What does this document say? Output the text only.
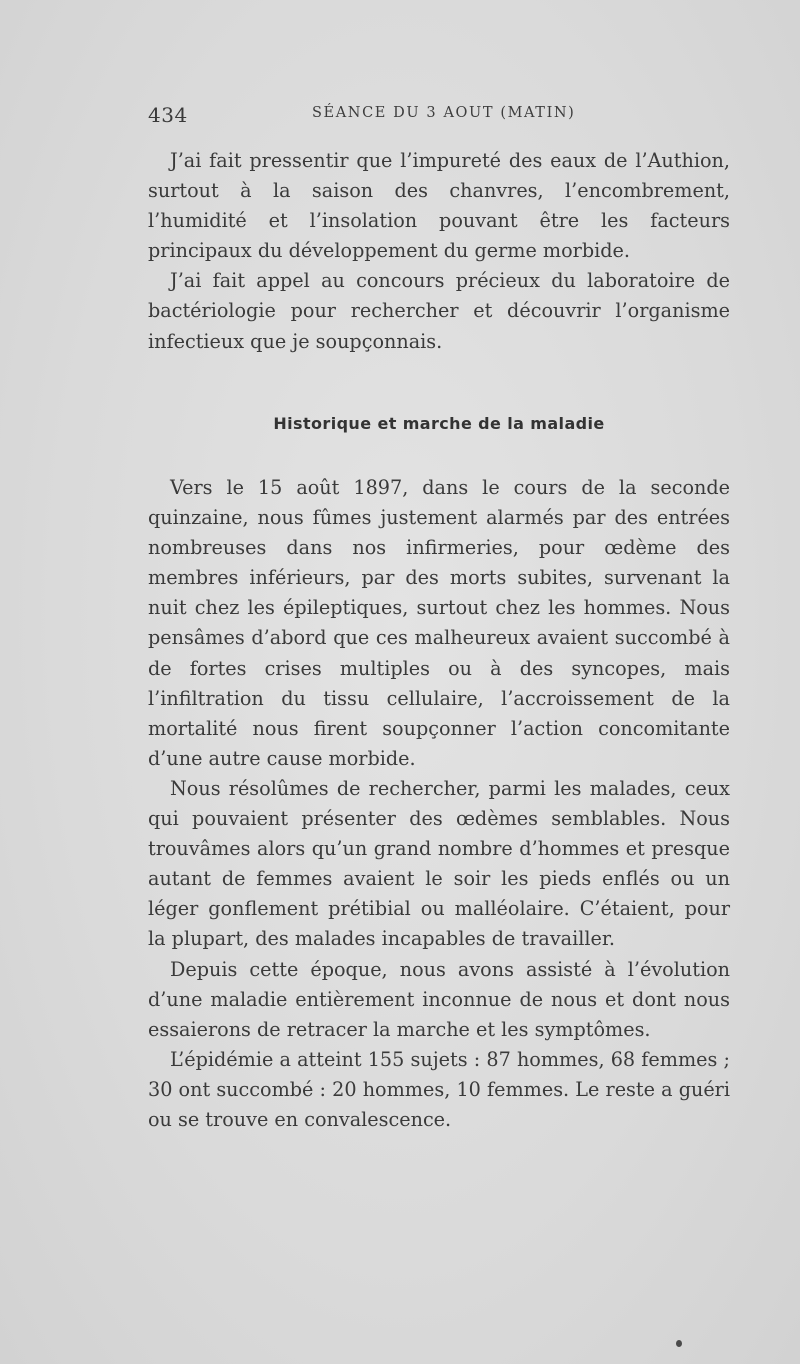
434	SÉANCE DU 3 AOUT (MATIN)

J’ai fait pressentir que l’impureté des eaux de l’Authion, surtout à la saison des chanvres, l’encombrement, l’humidité et l’insolation pouvant être les facteurs principaux du développement du germe morbide.

J’ai fait appel au concours précieux du laboratoire de bactériologie pour rechercher et découvrir l’organisme infectieux que je soupçonnais.

Historique et marche de la maladie

Vers le 15 août 1897, dans le cours de la seconde quinzaine, nous fûmes justement alarmés par des entrées nombreuses dans nos infirmeries, pour œdème des membres inférieurs, par des morts subites, survenant la nuit chez les épileptiques, surtout chez les hommes. Nous pensâmes d’abord que ces malheureux avaient succombé à de fortes crises multiples ou à des syncopes, mais l’infiltration du tissu cellulaire, l’accroissement de la mortalité nous firent soupçonner l’action concomitante d’une autre cause morbide.

Nous résolûmes de rechercher, parmi les malades, ceux qui pouvaient présenter des œdèmes semblables. Nous trouvâmes alors qu’un grand nombre d’hommes et presque autant de femmes avaient le soir les pieds enflés ou un léger gonflement prétibial ou malléolaire. C’étaient, pour la plupart, des malades incapables de travailler.

Depuis cette époque, nous avons assisté à l’évolution d’une maladie entièrement inconnue de nous et dont nous essaierons de retracer la marche et les symptômes.

L’épidémie a atteint 155 sujets : 87 hommes, 68 femmes ; 30 ont succombé : 20 hommes, 10 femmes. Le reste a guéri ou se trouve en convalescence.
